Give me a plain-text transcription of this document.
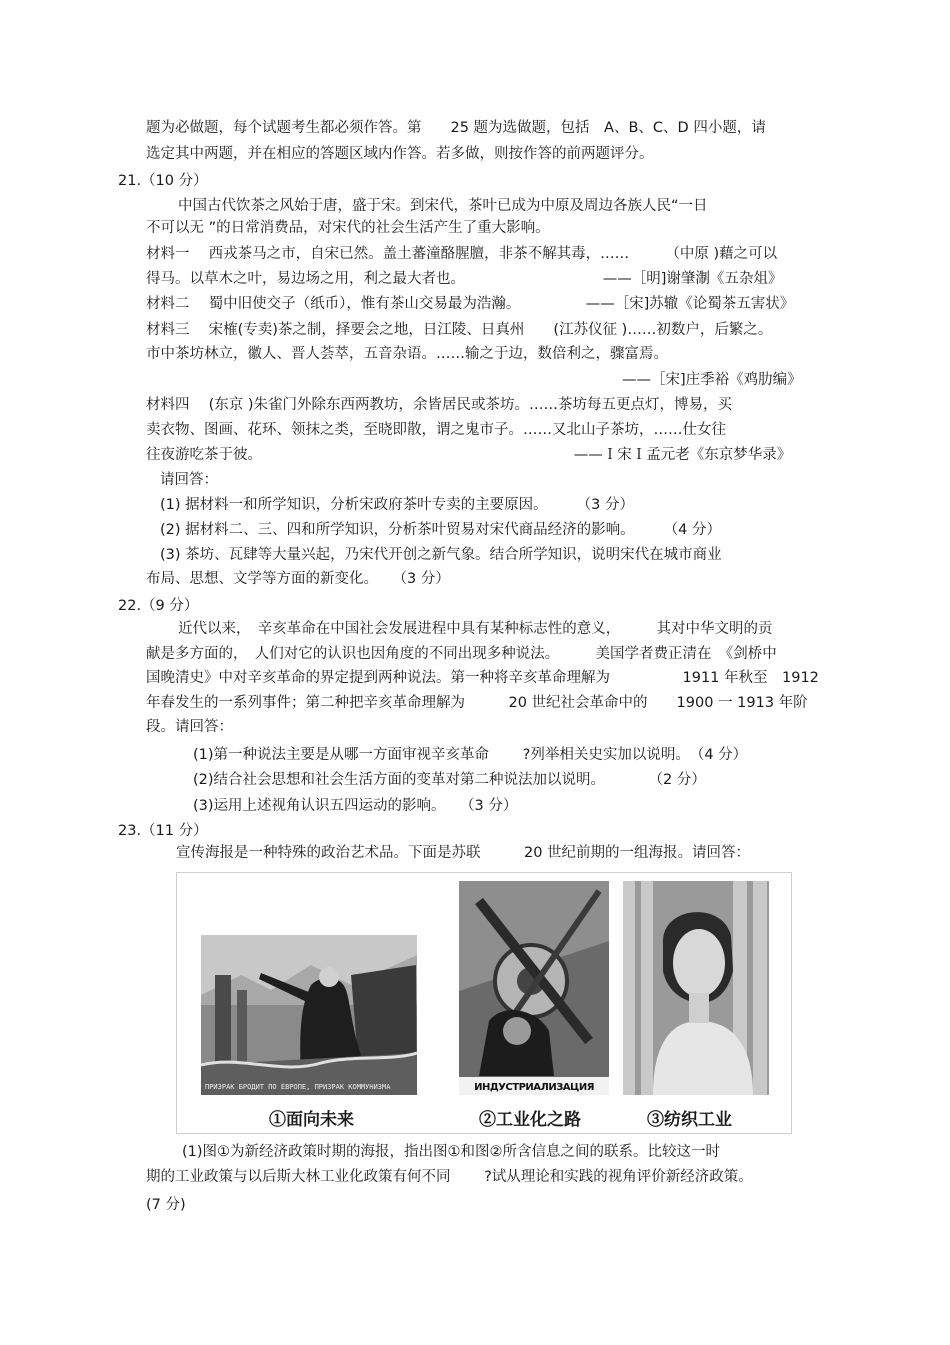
题为必做题，每个试题考生都必须作答。第　　25 题为选做题，包括　A、B、C、D 四小题，请
选定其中两题，并在相应的答题区域内作答。若多做，则按作答的前两题评分。
21.（10 分）
中国古代饮茶之风始于唐，盛于宋。到宋代，茶叶已成为中原及周边各族人民“一日
不可以无 ”的日常消费品，对宋代的社会生活产生了重大影响。
材料一　 西戎茶马之市，自宋已然。盖土蕃潼酪腥膻，非茶不解其毒，……　　　（中原 )藉之可以
得马。以草木之叶，易边场之用，利之最大者也。　　　　　　　　　　——［明]谢肇淛《五杂俎》
材料二　 蜀中旧使交子（纸币），惟有茶山交易最为浩瀚。　　　　　——［宋]苏辙《论蜀茶五害状》
材料三　 宋榷(专卖)茶之制，择要会之地，日江陵、日真州　　(江苏仪征 )……初数户，后繁之。
市中茶坊林立，徽人、晋人荟萃，五音杂语。……输之于边，数倍利之，骤富焉。
——［宋]庄季裕《鸡肋编》
材料四　 (东京 )朱雀门外除东西两教坊，余皆居民或茶坊。……茶坊每五更点灯，博易，买
卖衣物、图画、花环、领抹之类，至晓即散，谓之鬼市子。……又北山子茶坊，……仕女往
往夜游吃茶于彼。　　　　　　　　　　　　　　　　　　　　　　——Ｉ宋Ｉ孟元老《东京梦华录》
请回答：
(1) 据材料一和所学知识，分析宋政府茶叶专卖的主要原因。　　　（3 分）
(2) 据材料二、三、四和所学知识，分析茶叶贸易对宋代商品经济的影响。　　　（4 分）
(3) 茶坊、瓦肆等大量兴起，乃宋代开创之新气象。结合所学知识，说明宋代在城市商业
布局、思想、文学等方面的新变化。　　（3 分）
22.（9 分）
近代以来，　辛亥革命在中国社会发展进程中具有某种标志性的意义，　　　其对中华文明的贡
献是多方面的，　人们对它的认识也因角度的不同出现多种说法。　　　美国学者费正清在　《剑桥中
国晚清史》中对辛亥革命的界定提到两种说法。第一种将辛亥革命理解为　　　　　1911 年秋至　1912
年春发生的一系列事件；第二种把辛亥革命理解为　　　20 世纪社会革命中的　　1900 一 1913 年阶
段。请回答：
(1)第一种说法主要是从哪一方面审视辛亥革命　　 ?列举相关史实加以说明。　（4 分）
(2)结合社会思想和社会生活方面的变革对第二种说法加以说明。　　　　（2 分）
(3)运用上述视角认识五四运动的影响。　　（3 分）
23.（11 分）
宣传海报是一种特殊的政治艺术品。下面是苏联　　　20 世纪前期的一组海报。请回答：
ПРИЗРАК БРОДИТ ПО ЕВРОПЕ, ПРИЗРАК КОММУНИЗМА	ИНДУСТРИАЛИЗАЦИЯ
①面向未来	②工业化之路	③纺织工业
(1)图①为新经济政策时期的海报，指出图①和图②所含信息之间的联系。比较这一时
期的工业政策与以后斯大林工业化政策有何不同　　 ?试从理论和实践的视角评价新经济政策。
(7 分)
